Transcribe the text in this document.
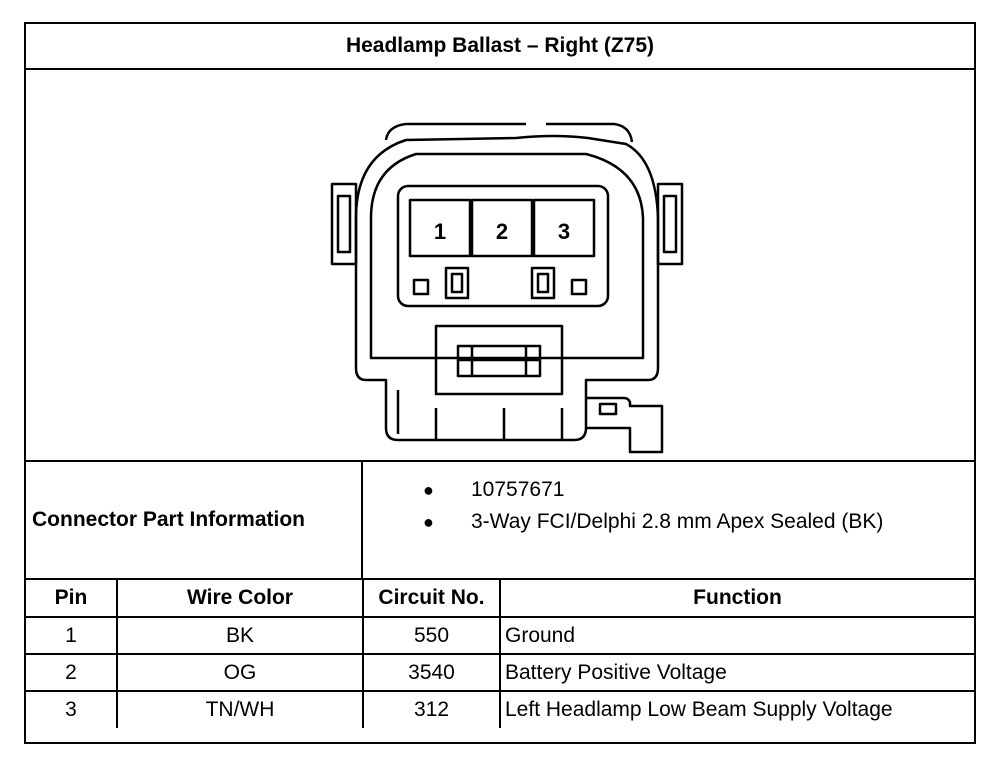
Headlamp Ballast – Right (Z75)
1 2 3
Connector Part Information
● 10757671
● 3-Way FCI/Delphi 2.8 mm Apex Sealed (BK)
Pin	Wire Color	Circuit No.	Function
1	BK	550	Ground
2	OG	3540	Battery Positive Voltage
3	TN/WH	312	Left Headlamp Low Beam Supply Voltage
